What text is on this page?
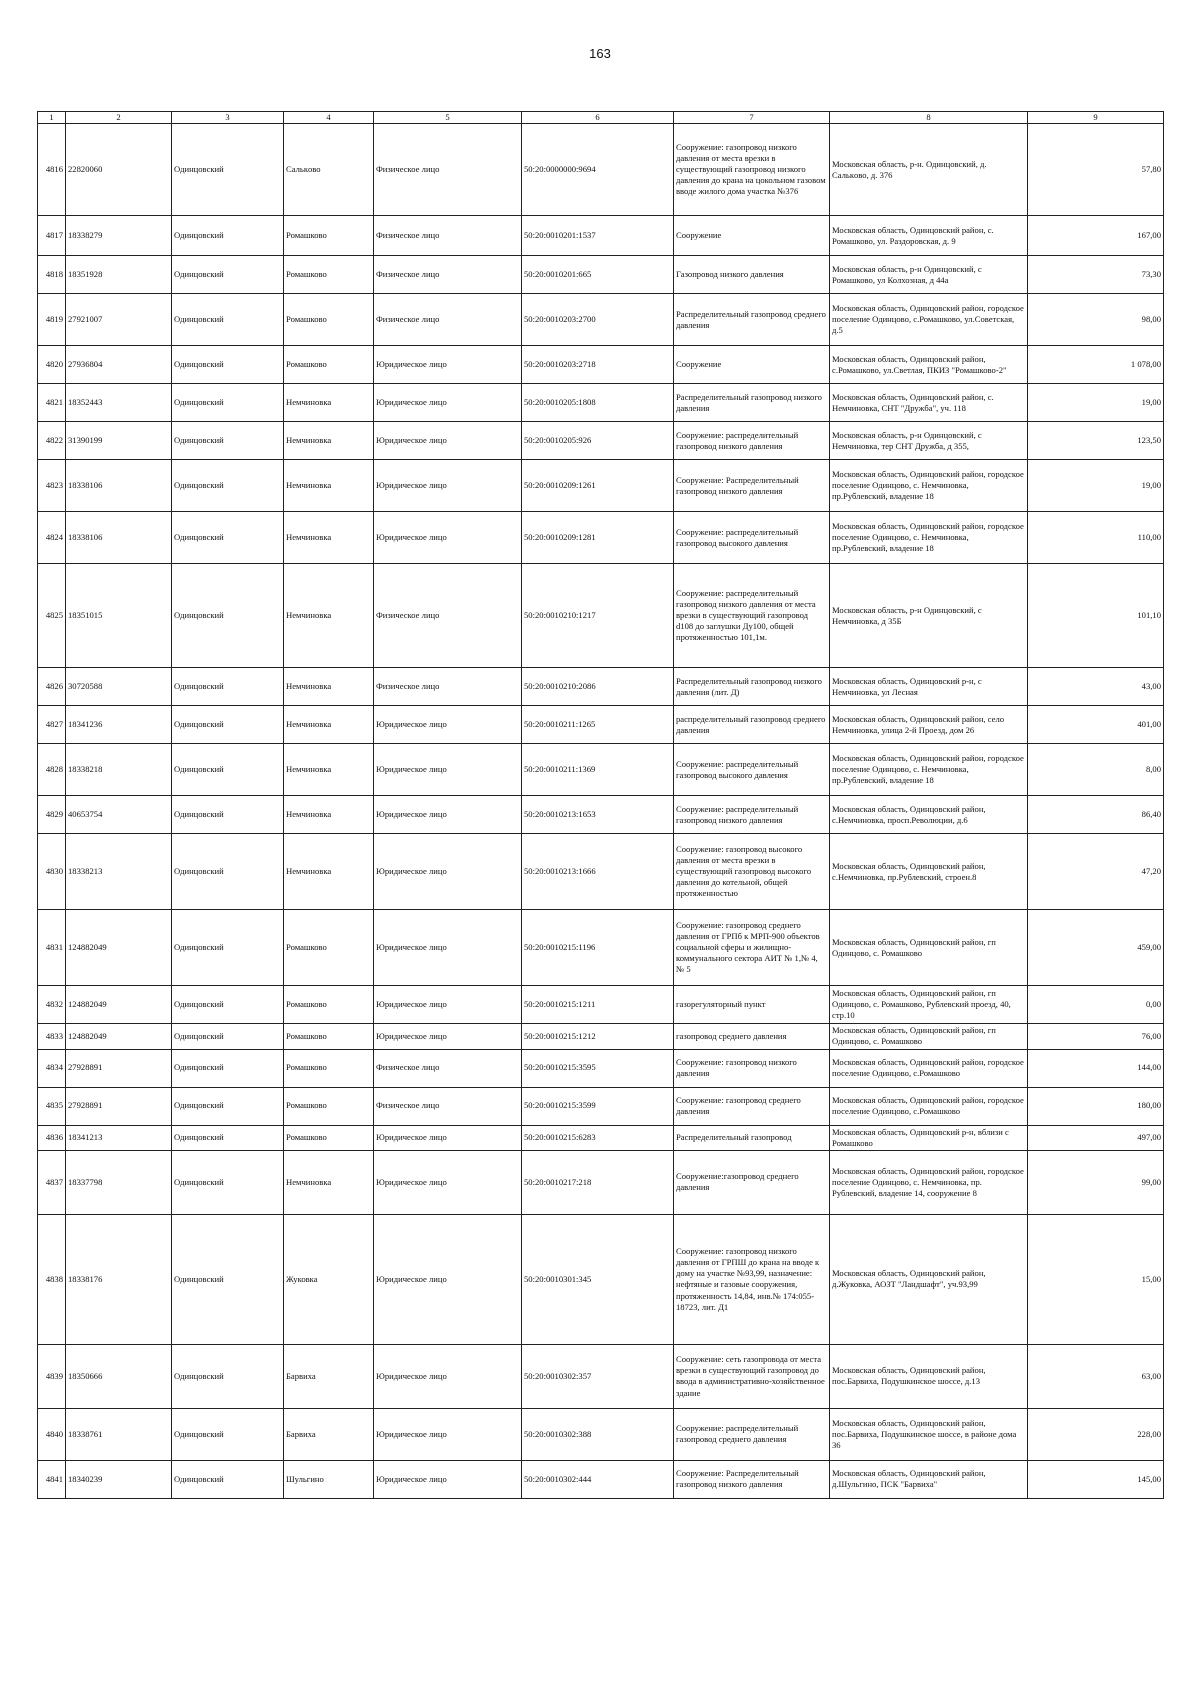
163
1	2	3	4	5	6	7	8	9
4816	22820060	Одинцовский	Салькoво	Физическое лицо	50:20:0000000:9694	Сооружение: газопровод низкого давления от места врезки в существующий газопровод низкого давления до крана на цокольном газовом вводе жилого дома участка №376	Московская область, р-н. Одинцовский, д. Салькoво, д. 376	57,80
4817	18338279	Одинцовский	Ромашково	Физическое лицо	50:20:0010201:1537	Сооружение	Московская область, Одинцовский район, с. Ромашково, ул. Раздоровская, д. 9	167,00
4818	18351928	Одинцовский	Ромашково	Физическое лицо	50:20:0010201:665	Газопровод низкого давления	Московская область, р-н Одинцовский, с Ромашково, ул Колхозная, д 44а	73,30
4819	27921007	Одинцовский	Ромашково	Физическое лицо	50:20:0010203:2700	Распределительный газопровод среднего давления	Московская область, Одинцовский район, городское поселение Одинцово, с.Ромашково, ул.Советская, д.5	98,00
4820	27936804	Одинцовский	Ромашково	Юридическое лицо	50:20:0010203:2718	Сооружение	Московская область, Одинцовский район, с.Ромашково, ул.Светлая, ПКИЗ "Ромашково-2"	1 078,00
4821	18352443	Одинцовский	Немчиновка	Юридическое лицо	50:20:0010205:1808	Распределительный газопровод низкого давления	Московская область, Одинцовский район, с. Немчиновка, СНТ "Дружба", уч. 118	19,00
4822	31390199	Одинцовский	Немчиновка	Юридическое лицо	50:20:0010205:926	Сооружение: распределительный газопровод низкого давления	Московская область, р-н Одинцовский, с Немчиновка, тер СНТ Дружба, д 355,	123,50
4823	18338106	Одинцовский	Немчиновка	Юридическое лицо	50:20:0010209:1261	Сооружение: Распределительный газопровод низкого давления	Московская область, Одинцовский район, городское поселение Одинцово, с. Немчиновка, пр.Рублевский, владение 18	19,00
4824	18338106	Одинцовский	Немчиновка	Юридическое лицо	50:20:0010209:1281	Сооружение: распределительный газопровод высокого давления	Московская область, Одинцовский район, городское поселение Одинцово, с. Немчиновка, пр.Рублевский, владение 18	110,00
4825	18351015	Одинцовский	Немчиновка	Физическое лицо	50:20:0010210:1217	Сооружение: распределительный газопровод низкого давления от места врезки в существующий газопровод d108 до заглушки Ду100, общей протяженностью 101,1м.	Московская область, р-н Одинцовский, с Немчиновка, д 35Б	101,10
4826	30720588	Одинцовский	Немчиновка	Физическое лицо	50:20:0010210:2086	Распределительный газопровод низкого давления (лит. Д)	Московская область, Одинцовский р-н, с Немчиновка, ул Лесная	43,00
4827	18341236	Одинцовский	Немчиновка	Юридическое лицо	50:20:0010211:1265	распределительный газопровод среднего давления	Московская область, Одинцовский район, село Немчиновка, улица 2-й Проезд, дом 26	401,00
4828	18338218	Одинцовский	Немчиновка	Юридическое лицо	50:20:0010211:1369	Сооружение: распределительный газопровод высокого давления	Московская область, Одинцовский район, городское поселение Одинцово, с. Немчиновка, пр.Рублевский, владение 18	8,00
4829	40653754	Одинцовский	Немчиновка	Юридическое лицо	50:20:0010213:1653	Сооружение: распределительный газопровод низкого давления	Московская область, Одинцовский район, с.Немчиновка, просп.Революции, д.6	86,40
4830	18338213	Одинцовский	Немчиновка	Юридическое лицо	50:20:0010213:1666	Сооружение: газопровод высокого давления от места врезки в существующий газопровод высокого давления до котельной, общей протяженностью	Московская область, Одинцовский район, с.Немчиновка, пр.Рублевский, строен.8	47,20
4831	124882049	Одинцовский	Ромашково	Юридическое лицо	50:20:0010215:1196	Сооружение: газопровод среднего давления от ГРПб к МРП-900 объектов социальной сферы и жилищно-коммунального сектора АИТ № 1,№ 4, № 5	Московская область, Одинцовский район, гп Одинцово, с. Ромашково	459,00
4832	124882049	Одинцовский	Ромашково	Юридическое лицо	50:20:0010215:1211	газорегуляторный пункт	Московская область, Одинцовский район, гп Одинцово, с. Ромашково, Рублевский проезд, 40, стр.10	0,00
4833	124882049	Одинцовский	Ромашково	Юридическое лицо	50:20:0010215:1212	газопровод среднего давления	Московская область, Одинцовский район, гп Одинцово, с. Ромашково	76,00
4834	27928891	Одинцовский	Ромашково	Физическое лицо	50:20:0010215:3595	Сооружение: газопровод низкого давления	Московская область, Одинцовский район, городское поселение Одинцово, с.Ромашково	144,00
4835	27928891	Одинцовский	Ромашково	Физическое лицо	50:20:0010215:3599	Сооружение: газопровод среднего давления	Московская область, Одинцовский район, городское поселение Одинцово, с.Ромашково	180,00
4836	18341213	Одинцовский	Ромашково	Юридическое лицо	50:20:0010215:6283	Распределительный газопровод	Московская область, Одинцовский р-н, вблизи с Ромашково	497,00
4837	18337798	Одинцовский	Немчиновка	Юридическое лицо	50:20:0010217:218	Сооружение:газопровод среднего давления	Московская область, Одинцовский район, городское поселение Одинцово, с. Немчиновка, пр. Рублевский, владение 14, сооружение 8	99,00
4838	18338176	Одинцовский	Жуковка	Юридическое лицо	50:20:0010301:345	Сооружение: газопровод низкого давления от ГРПШ до крана на вводе к дому на участке №93,99, назначение: нефтяные и газовые сооружения, протяженность 14,84, инв.№ 174:055-18723, лит. Д1	Московская область, Одинцовский район, д.Жуковка, АОЗТ "Ландшафт", уч.93,99	15,00
4839	18350666	Одинцовский	Барвиха	Юридическое лицо	50:20:0010302:357	Сооружение: сеть газопровода от места врезки в существующий газопровод до ввода в административно-хозяйственное здание	Московская область, Одинцовский район, пос.Барвиха, Подушкинское шоссе, д.13	63,00
4840	18338761	Одинцовский	Барвиха	Юридическое лицо	50:20:0010302:388	Сооружение: распределительный газопровод среднего давления	Московская область, Одинцовский район, пос.Барвиха, Подушкинское шоссе, в районе дома 36	228,00
4841	18340239	Одинцовский	Шульгино	Юридическое лицо	50:20:0010302:444	Сооружение: Распределительный газопровод низкого давления	Московская область, Одинцовский район, д.Шульгино, ПСК "Барвиха"	145,00
